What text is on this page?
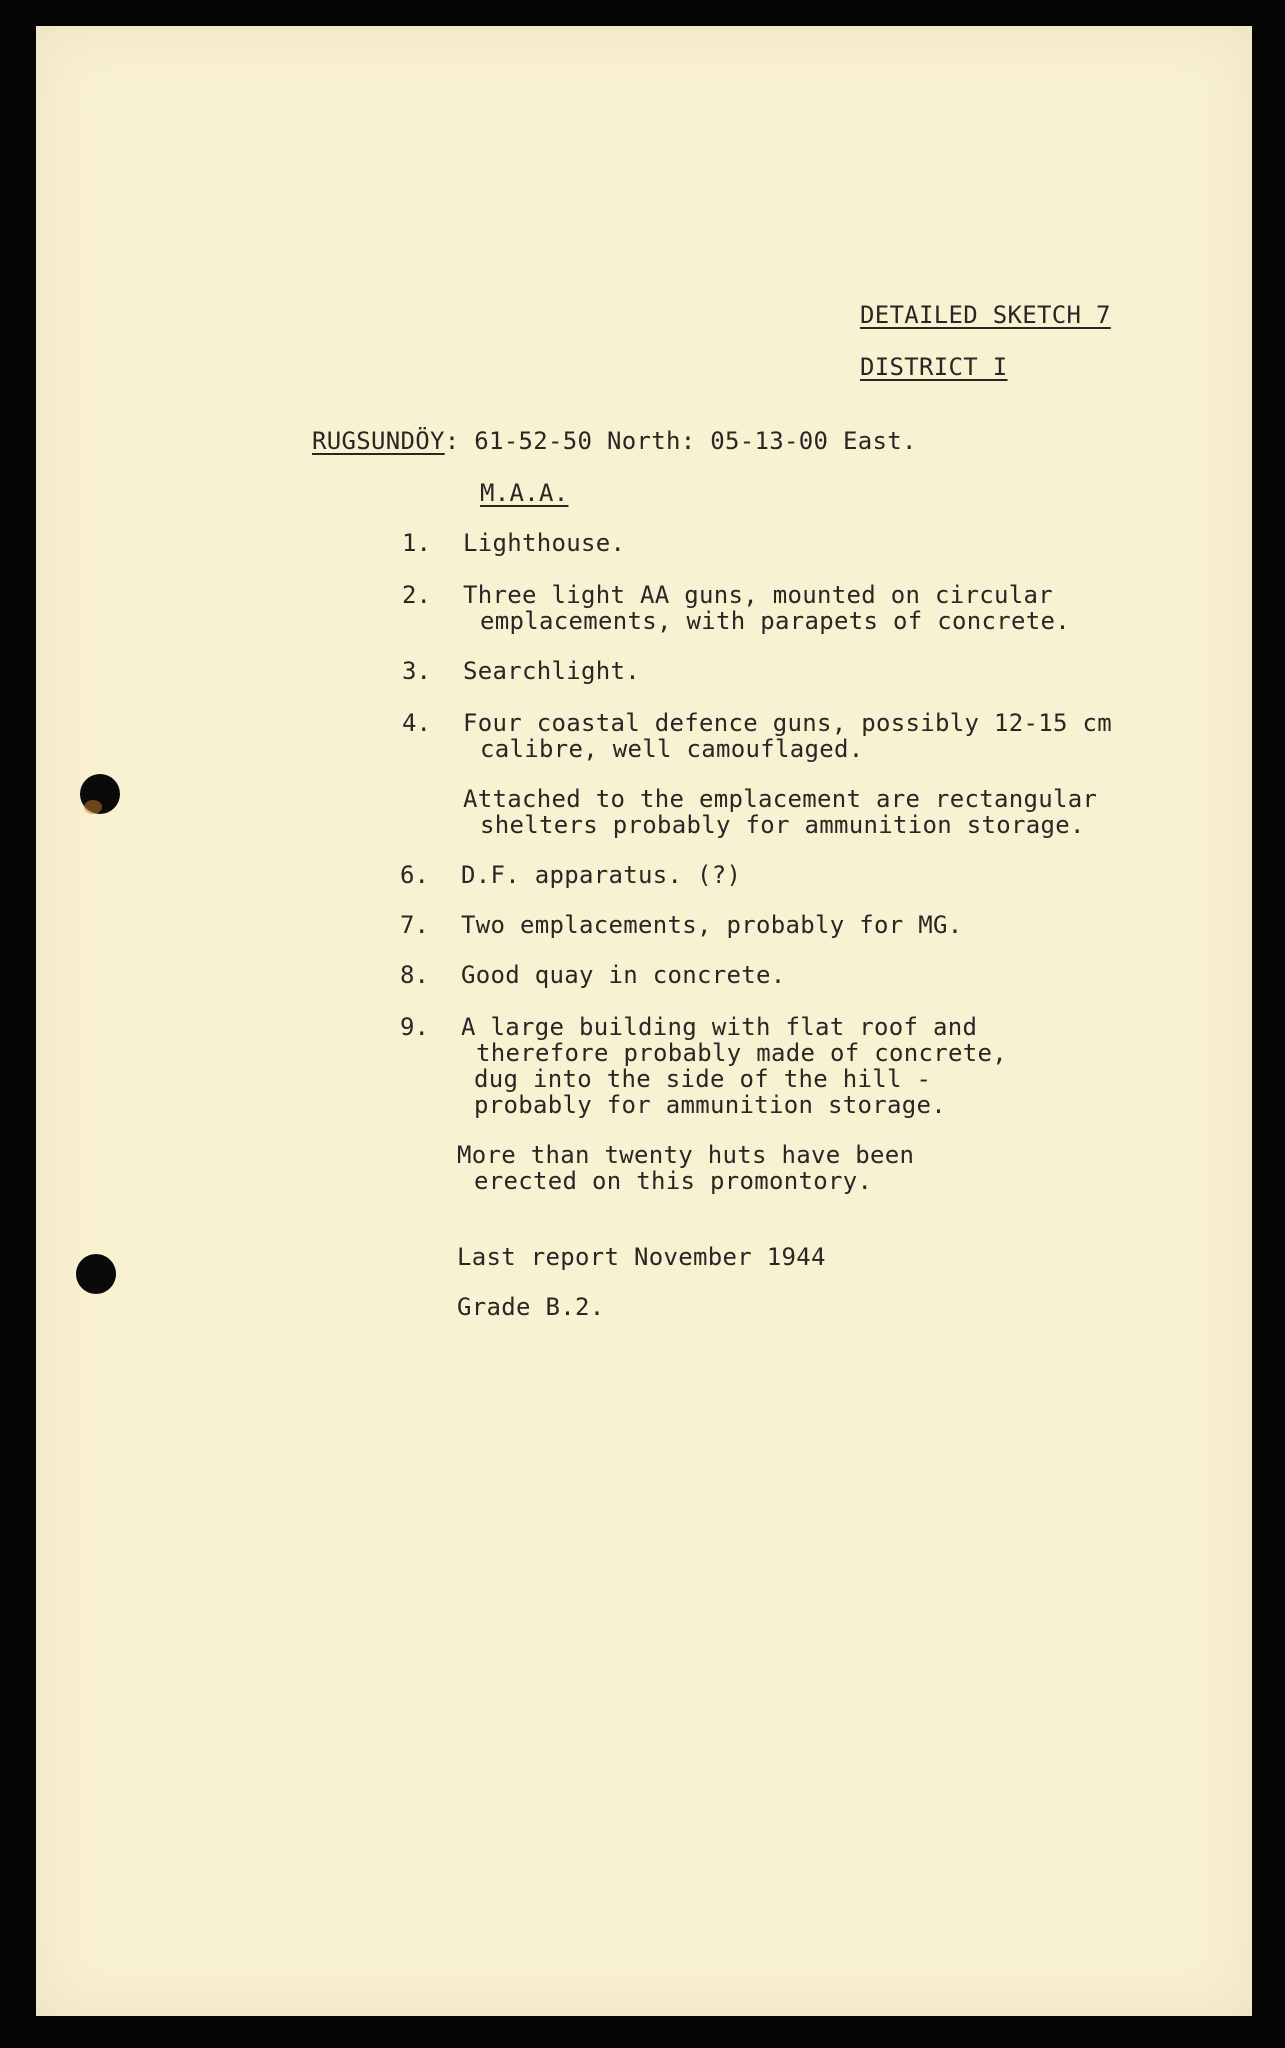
DETAILED SKETCH 7
DISTRICT I
RUGSUNDÖY: 61-52-50 North: 05-13-00 East.
M.A.A.
1. Lighthouse.
2. Three light AA guns, mounted on circular
emplacements, with parapets of concrete.
3. Searchlight.
4. Four coastal defence guns, possibly 12-15 cm
calibre, well camouflaged.
Attached to the emplacement are rectangular
shelters probably for ammunition storage.
6. D.F. apparatus. (?)
7. Two emplacements, probably for MG.
8. Good quay in concrete.
9. A large building with flat roof and
therefore probably made of concrete,
dug into the side of the hill -
probably for ammunition storage.
More than twenty huts have been
erected on this promontory.
Last report November 1944
Grade B.2.
